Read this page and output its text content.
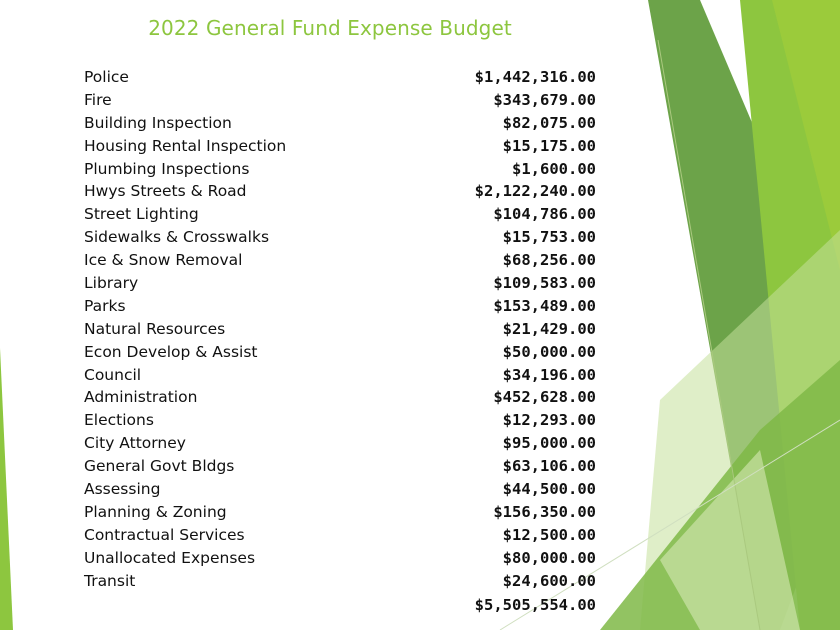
2022 General Fund Expense Budget
Police	$1,442,316.00
Fire	$343,679.00
Building Inspection	$82,075.00
Housing Rental Inspection	$15,175.00
Plumbing Inspections	$1,600.00
Hwys Streets & Road	$2,122,240.00
Street Lighting	$104,786.00
Sidewalks & Crosswalks	$15,753.00
Ice & Snow Removal	$68,256.00
Library	$109,583.00
Parks	$153,489.00
Natural Resources	$21,429.00
Econ Develop & Assist	$50,000.00
Council	$34,196.00
Administration	$452,628.00
Elections	$12,293.00
City Attorney	$95,000.00
General Govt Bldgs	$63,106.00
Assessing	$44,500.00
Planning & Zoning	$156,350.00
Contractual Services	$12,500.00
Unallocated Expenses	$80,000.00
Transit	$24,600.00
$5,505,554.00
